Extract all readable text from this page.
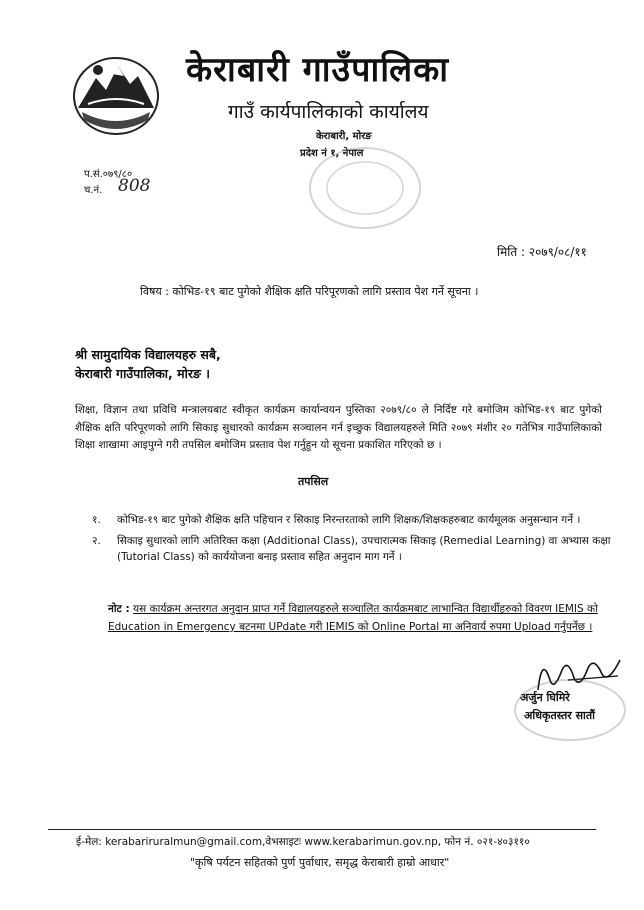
केराबारी गाउँपालिका
गाउँ कार्यपालिकाको कार्यालय
केराबारी, मोरङ
प्रदेश नं १, नेपाल
प.सं.०७९/८०
च.नं. 808
मिति : २०७९/०८/११
विषय : कोभिड-१९ बाट पुगेको शैक्षिक क्षति परिपूरणको लागि प्रस्ताव पेश गर्ने सूचना ।
श्री सामुदायिक विद्यालयहरु सबै,
केराबारी गाउँपालिका, मोरङ ।
शिक्षा, विज्ञान तथा प्रविधि मन्त्रालयबाट स्वीकृत कार्यक्रम कार्यान्वयन पुस्तिका २०७९/८० ले निर्दिष्ट गरे बमोजिम कोभिड-१९ बाट पुगेको शैक्षिक क्षति परिपूरणको लागि सिकाइ सुधारको कार्यक्रम सञ्चालन गर्न इच्छुक विद्यालयहरुले मिति २०७९ मंशीर २० गतेभित्र गाउँपालिकाको शिक्षा शाखामा आइपुग्ने गरी तपसिल बमोजिम प्रस्ताव पेश गर्नुहुन यो सूचना प्रकाशित गरिएको छ ।
तपसिल
१.	कोभिड-१९ बाट पुगेको शैक्षिक क्षति पहिचान र सिकाइ निरन्तरताको लागि शिक्षक/शिक्षकहरुबाट कार्यमूलक अनुसन्धान गर्ने ।
२.	सिकाइ सुधारको लागि अतिरिक्त कक्षा (Additional Class), उपचारात्मक सिकाइ (Remedial Learning) वा अभ्यास कक्षा (Tutorial Class) को कार्ययोजना बनाइ प्रस्ताव सहित अनुदान माग गर्ने ।
नोट : यस कार्यक्रम अन्तरगत अनुदान प्राप्त गर्ने विद्यालयहरुले सञ्चालित कार्यक्रमबाट लाभान्वित विद्यार्थीहरुको विवरण IEMIS को Education in Emergency बटनमा UPdate गरी IEMIS को Online Portal मा अनिवार्य रुपमा Upload गर्नुपर्नेछ ।
अर्जुन घिमिरे
अधिकृतस्तर सातौं
ई-मेल: kerabariruralmun@gmail.com,वेभसाइटः www.kerabarimun.gov.np, फोन नं. ०२१-४०३११०
"कृषि पर्यटन सहितको पुर्ण पुर्वाधार, समृद्ध केराबारी हाम्रो आधार"
